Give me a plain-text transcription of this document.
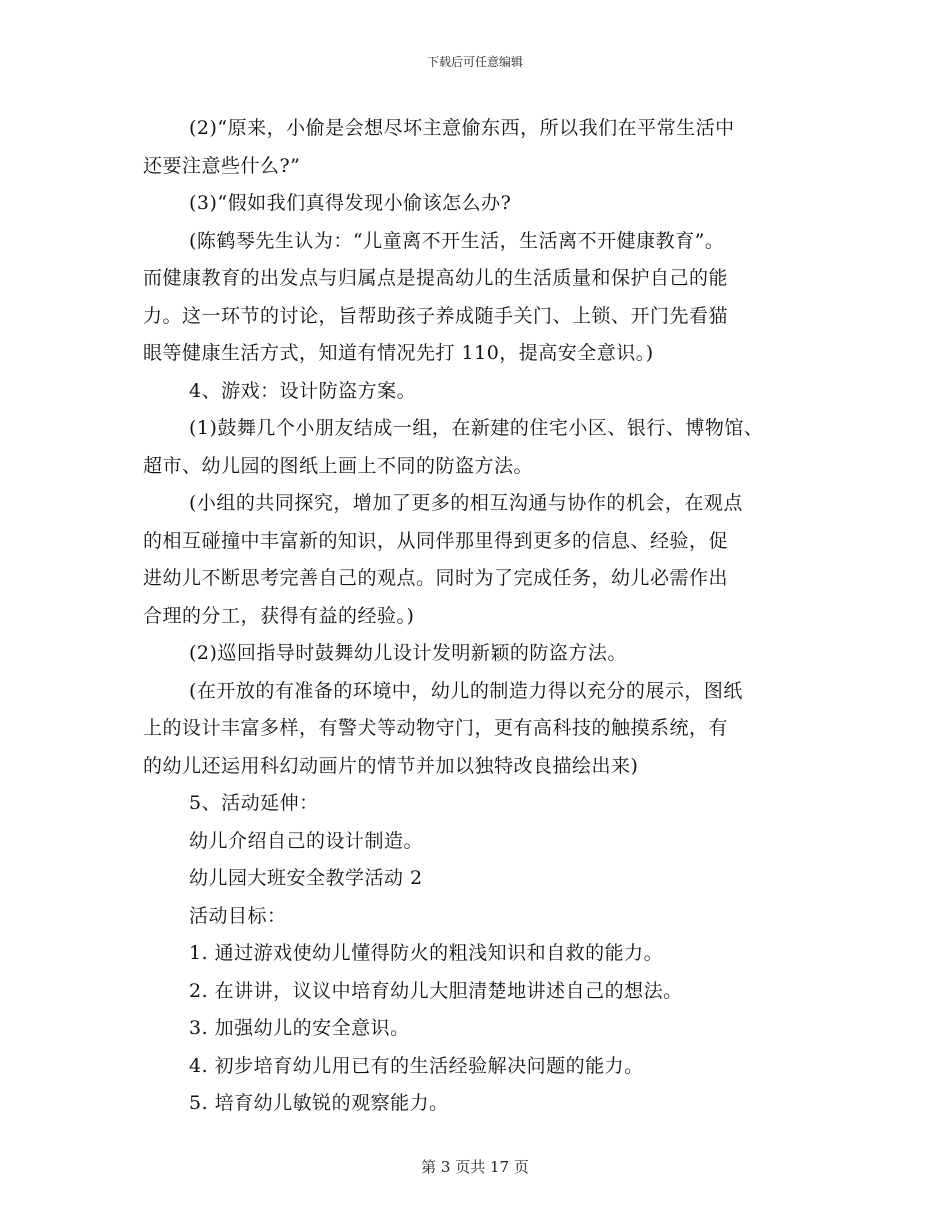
下载后可任意编辑

(2)“原来，小偷是会想尽坏主意偷东西，所以我们在平常生活中

还要注意些什么?”

(3)“假如我们真得发现小偷该怎么办?

(陈鹤琴先生认为：“儿童离不开生活，生活离不开健康教育”。

而健康教育的出发点与归属点是提高幼儿的生活质量和保护自己的能

力。这一环节的讨论，旨帮助孩子养成随手关门、上锁、开门先看猫

眼等健康生活方式，知道有情况先打 110，提高安全意识。)

4、游戏：设计防盗方案。

(1)鼓舞几个小朋友结成一组，在新建的住宅小区、银行、博物馆、

超市、幼儿园的图纸上画上不同的防盗方法。

(小组的共同探究，增加了更多的相互沟通与协作的机会，在观点

的相互碰撞中丰富新的知识，从同伴那里得到更多的信息、经验，促

进幼儿不断思考完善自己的观点。同时为了完成任务，幼儿必需作出

合理的分工，获得有益的经验。)

(2)巡回指导时鼓舞幼儿设计发明新颖的防盗方法。

(在开放的有准备的环境中，幼儿的制造力得以充分的展示，图纸

上的设计丰富多样，有警犬等动物守门，更有高科技的触摸系统，有

的幼儿还运用科幻动画片的情节并加以独特改良描绘出来)

5、活动延伸：

幼儿介绍自己的设计制造。

幼儿园大班安全教学活动 2

活动目标：

1. 通过游戏使幼儿懂得防火的粗浅知识和自救的能力。

2. 在讲讲，议议中培育幼儿大胆清楚地讲述自己的想法。

3. 加强幼儿的安全意识。

4. 初步培育幼儿用已有的生活经验解决问题的能力。

5. 培育幼儿敏锐的观察能力。

第 3 页共 17 页
